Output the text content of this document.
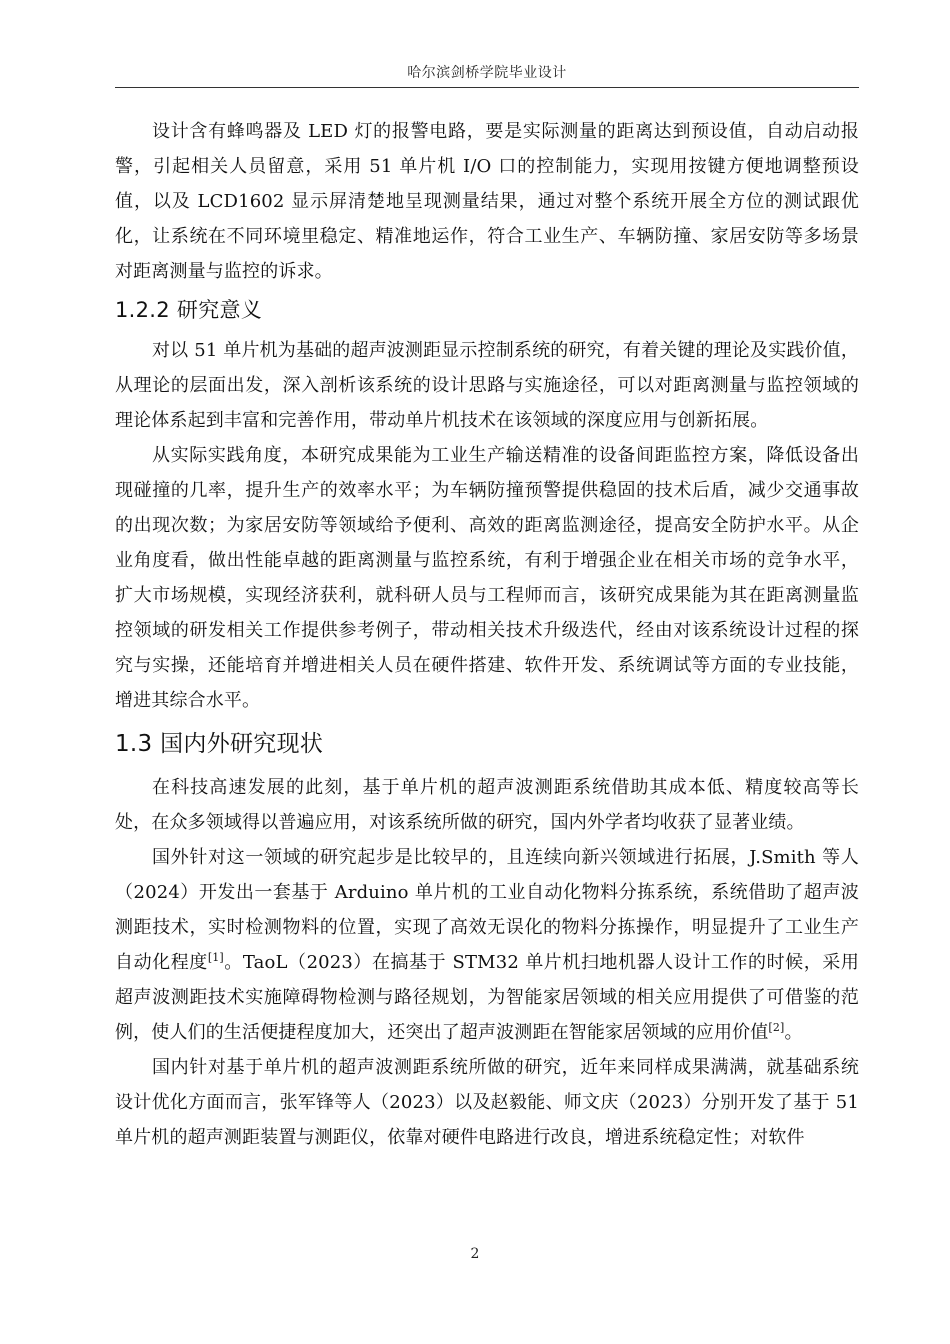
哈尔滨剑桥学院毕业设计

设计含有蜂鸣器及 LED 灯的报警电路，要是实际测量的距离达到预设值，自动启动报警，引起相关人员留意，采用 51 单片机 I/O 口的控制能力，实现用按键方便地调整预设值，以及 LCD1602 显示屏清楚地呈现测量结果，通过对整个系统开展全方位的测试跟优化，让系统在不同环境里稳定、精准地运作，符合工业生产、车辆防撞、家居安防等多场景对距离测量与监控的诉求。

1.2.2 研究意义

对以 51 单片机为基础的超声波测距显示控制系统的研究，有着关键的理论及实践价值，从理论的层面出发，深入剖析该系统的设计思路与实施途径，可以对距离测量与监控领域的理论体系起到丰富和完善作用，带动单片机技术在该领域的深度应用与创新拓展。

从实际实践角度，本研究成果能为工业生产输送精准的设备间距监控方案，降低设备出现碰撞的几率，提升生产的效率水平；为车辆防撞预警提供稳固的技术后盾，减少交通事故的出现次数；为家居安防等领域给予便利、高效的距离监测途径，提高安全防护水平。从企业角度看，做出性能卓越的距离测量与监控系统，有利于增强企业在相关市场的竞争水平，扩大市场规模，实现经济获利，就科研人员与工程师而言，该研究成果能为其在距离测量监控领域的研发相关工作提供参考例子，带动相关技术升级迭代，经由对该系统设计过程的探究与实操，还能培育并增进相关人员在硬件搭建、软件开发、系统调试等方面的专业技能，增进其综合水平。

1.3 国内外研究现状

在科技高速发展的此刻，基于单片机的超声波测距系统借助其成本低、精度较高等长处，在众多领域得以普遍应用，对该系统所做的研究，国内外学者均收获了显著业绩。

国外针对这一领域的研究起步是比较早的，且连续向新兴领域进行拓展，J.Smith 等人（2024）开发出一套基于 Arduino 单片机的工业自动化物料分拣系统，系统借助了超声波测距技术，实时检测物料的位置，实现了高效无误化的物料分拣操作，明显提升了工业生产自动化程度[1]。TaoL（2023）在搞基于 STM32 单片机扫地机器人设计工作的时候，采用超声波测距技术实施障碍物检测与路径规划，为智能家居领域的相关应用提供了可借鉴的范例，使人们的生活便捷程度加大，还突出了超声波测距在智能家居领域的应用价值[2]。

国内针对基于单片机的超声波测距系统所做的研究，近年来同样成果满满，就基础系统设计优化方面而言，张军锋等人（2023）以及赵毅能、师文庆（2023）分别开发了基于 51 单片机的超声测距装置与测距仪，依靠对硬件电路进行改良，增进系统稳定性；对软件

2
